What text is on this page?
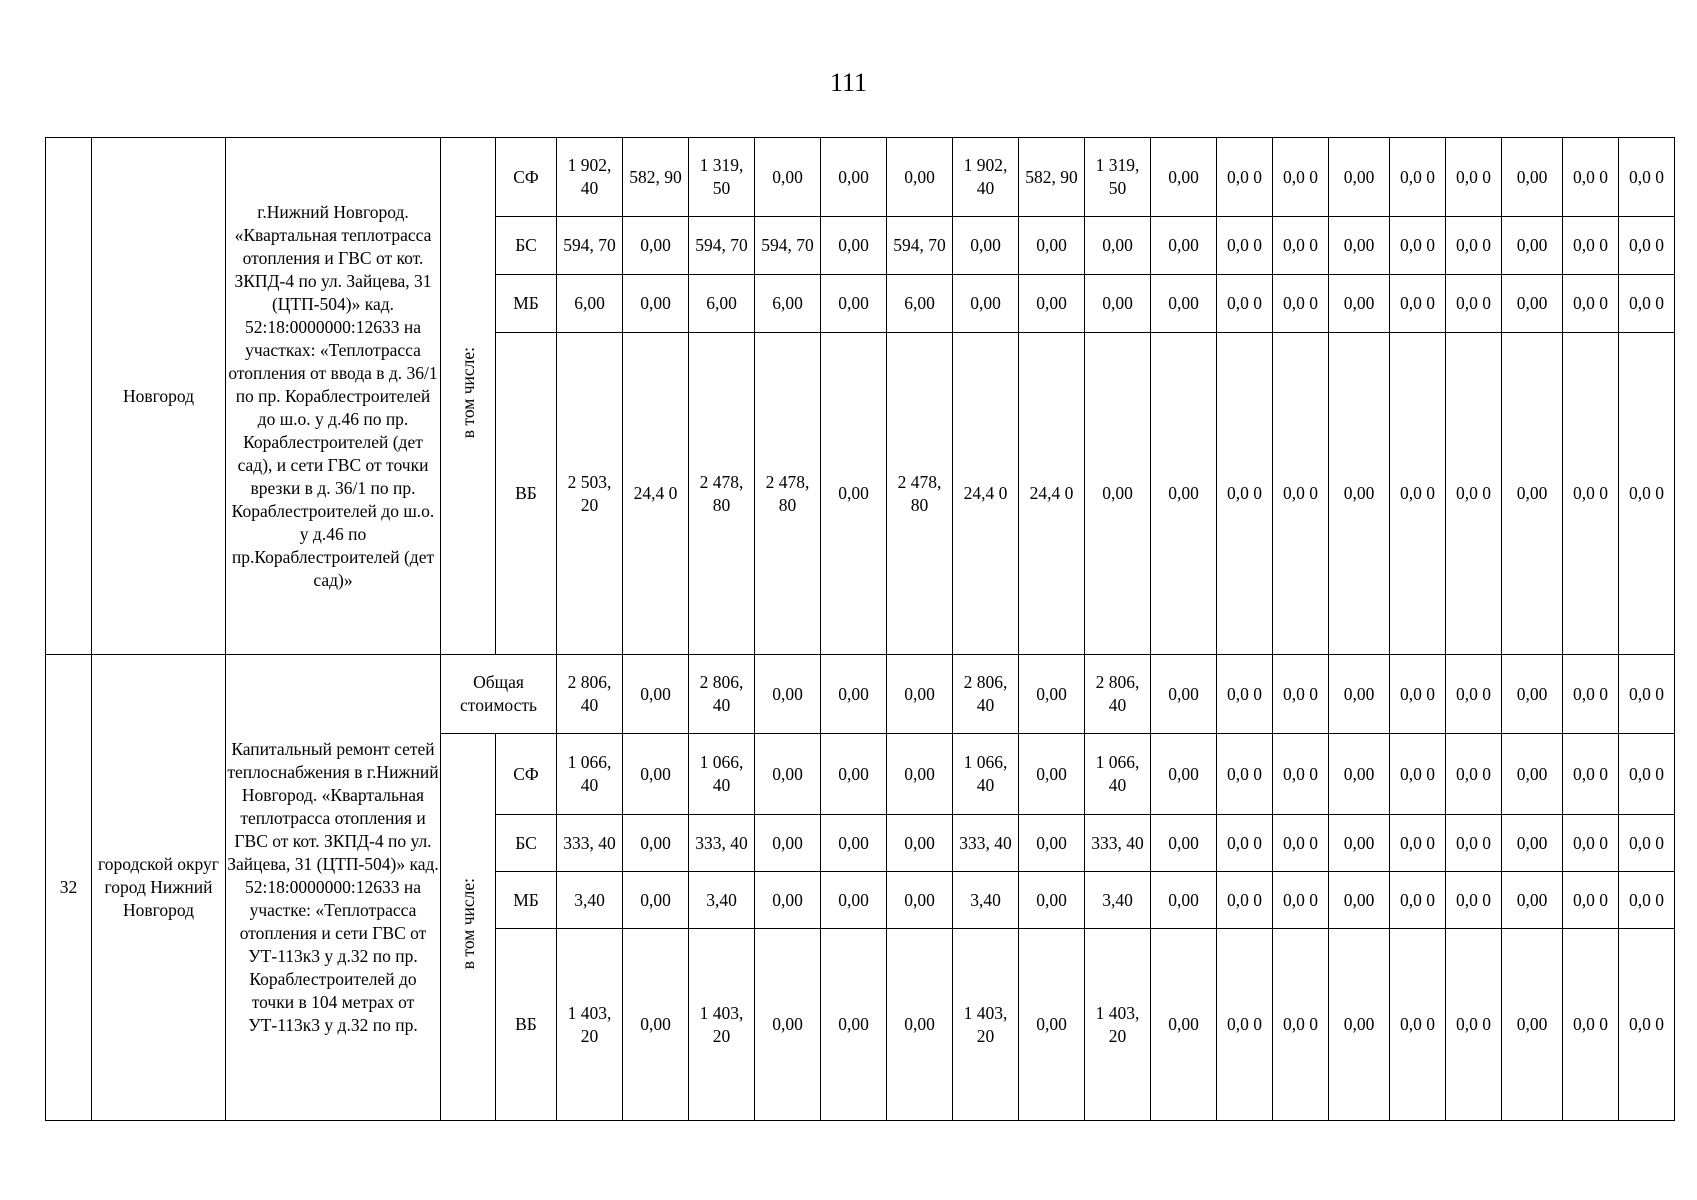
111
	Новгород	г.Нижний Новгород. «Квартальная теплотрасса отопления и ГВС от кот. ЗКПД-4 по ул. Зайцева, 31 (ЦТП-504)» кад. 52:18:0000000:12633 на участках: «Теплотрасса отопления от ввода в д. 36/1 по пр. Кораблестроителей до ш.о. у д.46 по пр. Кораблестроителей (дет сад), и сети ГВС от точки врезки в д. 36/1 по пр. Кораблестроителей до ш.о. у д.46 по пр.Кораблестроителей (дет сад)»	в том числе:	СФ	1 902, 40	582, 90	1 319, 50	0,00	0,00	0,00	1 902, 40	582, 90	1 319, 50	0,00	0,0 0	0,0 0	0,00	0,0 0	0,0 0	0,00	0,0 0	0,0 0
				БС	594, 70	0,00	594, 70	594, 70	0,00	594, 70	0,00	0,00	0,00	0,00	0,0 0	0,0 0	0,00	0,0 0	0,0 0	0,00	0,0 0	0,0 0
				МБ	6,00	0,00	6,00	6,00	0,00	6,00	0,00	0,00	0,00	0,00	0,0 0	0,0 0	0,00	0,0 0	0,0 0	0,00	0,0 0	0,0 0
				ВБ	2 503, 20	24,4 0	2 478, 80	2 478, 80	0,00	2 478, 80	24,4 0	24,4 0	0,00	0,00	0,0 0	0,0 0	0,00	0,0 0	0,0 0	0,00	0,0 0	0,0 0
32	городской округ город Нижний Новгород	Капитальный ремонт сетей теплоснабжения в г.Нижний Новгород. «Квартальная теплотрасса отопления и ГВС от кот. ЗКПД-4 по ул. Зайцева, 31 (ЦТП-504)» кад. 52:18:0000000:12633 на участке: «Теплотрасса отопления и сети ГВС от УТ-113к3 у д.32 по пр. Кораблестроителей до точки в 104 метрах от УТ-113к3 у д.32 по пр.	Общая стоимость		2 806, 40	0,00	2 806, 40	0,00	0,00	0,00	2 806, 40	0,00	2 806, 40	0,00	0,0 0	0,0 0	0,00	0,0 0	0,0 0	0,00	0,0 0	0,0 0
			в том числе:	СФ	1 066, 40	0,00	1 066, 40	0,00	0,00	0,00	1 066, 40	0,00	1 066, 40	0,00	0,0 0	0,0 0	0,00	0,0 0	0,0 0	0,00	0,0 0	0,0 0
				БС	333, 40	0,00	333, 40	0,00	0,00	0,00	333, 40	0,00	333, 40	0,00	0,0 0	0,0 0	0,00	0,0 0	0,0 0	0,00	0,0 0	0,0 0
				МБ	3,40	0,00	3,40	0,00	0,00	0,00	3,40	0,00	3,40	0,00	0,0 0	0,0 0	0,00	0,0 0	0,0 0	0,00	0,0 0	0,0 0
				ВБ	1 403, 20	0,00	1 403, 20	0,00	0,00	0,00	1 403, 20	0,00	1 403, 20	0,00	0,0 0	0,0 0	0,00	0,0 0	0,0 0	0,00	0,0 0	0,0 0
